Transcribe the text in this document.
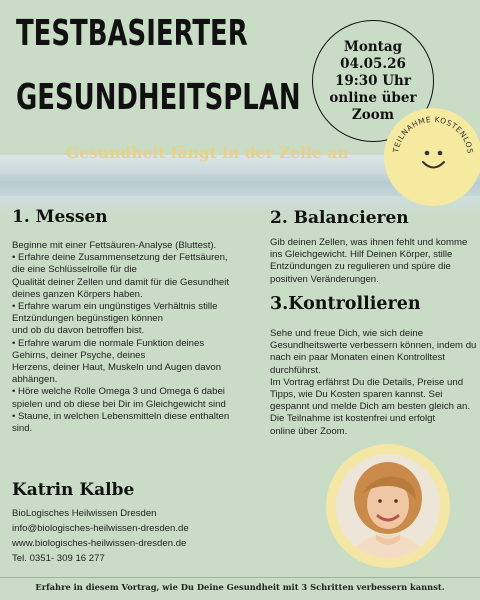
TESTBASIERTER
GESUNDHEITSPLAN
Montag
04.05.26
19:30 Uhr
online über
Zoom
TEILNAHME KOSTENLOS
Gesundheit fängt in der Zelle an
1. Messen
Beginne mit einer Fettsäuren-Analyse (Bluttest).
• Erfahre deine Zusammensetzung der Fettsäuren,
die eine Schlüsselrolle für die
Qualität deiner Zellen und damit für die Gesundheit
deines ganzen Körpers haben.
• Erfahre warum ein ungünstiges Verhältnis stille
Entzündungen begünstigen können
und ob du davon betroffen bist.
• Erfahre warum die normale Funktion deines
Gehirns, deiner Psyche, deines
Herzens, deiner Haut, Muskeln und Augen davon
abhängen.
• Höre welche Rolle Omega 3 und Omega 6 dabei
spielen und ob diese bei Dir im Gleichgewicht sind
• Staune, in welchen Lebensmitteln diese enthalten
sind.
2. Balancieren
Gib deinen Zellen, was ihnen fehlt und komme
ins Gleichgewicht. Hilf Deinen Körper, stille
Entzündungen zu regulieren und spüre die
positiven Veränderungen.
3.Kontrollieren
Sehe und freue Dich, wie sich deine
Gesundheitswerte verbessern können, indem du
nach ein paar Monaten einen Kontrolltest
durchführst.
Im Vortrag erfährst Du die Details, Preise und
Tipps, wie Du Kosten sparen kannst. Sei
gespannt und melde Dich am besten gleich an.
Die Teilnahme ist kostenfrei und erfolgt
online über Zoom.
Katrin Kalbe
BioLogisches Heilwissen Dresden
info@biologisches-heilwissen-dresden.de
www.biologisches-heilwissen-dresden.de
Tel. 0351- 309 16 277
Erfahre in diesem Vortrag, wie Du Deine Gesundheit mit 3 Schritten verbessern kannst.
